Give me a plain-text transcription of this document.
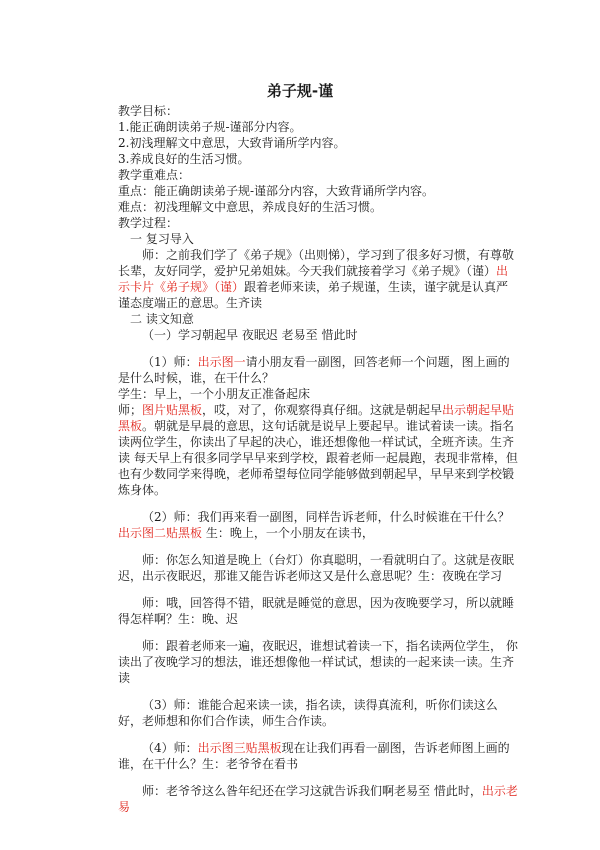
弟子规-谨

教学目标：

1.能正确朗读弟子规-谨部分内容。

2.初浅理解文中意思，大致背诵所学内容。

3.养成良好的生活习惯。

教学重难点：

重点：能正确朗读弟子规-谨部分内容，大致背诵所学内容。

难点：初浅理解文中意思，养成良好的生活习惯。

教学过程：

一 复习导入

师：之前我们学了《弟子规》（出则悌），学习到了很多好习惯，有尊敬长辈，友好同学，爱护兄弟姐妹。今天我们就接着学习《弟子规》（谨）出示卡片《弟子规》（谨）跟着老师来读，弟子规谨，生读，谨字就是认真严谨态度端正的意思。生齐读

二 读文知意

（一）学习朝起早 夜眠迟 老易至 惜此时

（1）师：出示图一请小朋友看一副图，回答老师一个问题，图上画的是什么时候，谁，在干什么？

学生：早上，一个小朋友正准备起床

师；图片贴黑板，哎，对了，你观察得真仔细。这就是朝起早出示朝起早贴黑板。朝就是早晨的意思，这句话就是说早上要起早。谁试着读一读。指名读两位学生，你读出了早起的决心，谁还想像他一样试试，全班齐读。生齐读 每天早上有很多同学早早来到学校，跟着老师一起晨跑，表现非常棒，但也有少数同学来得晚，老师希望每位同学能够做到朝起早，早早来到学校锻炼身体。

（2）师：我们再来看一副图，同样告诉老师，什么时候谁在干什么？出示图二贴黑板 生：晚上，一个小朋友在读书，

师：你怎么知道是晚上（台灯）你真聪明，一看就明白了。这就是夜眠迟，出示夜眠迟，那谁又能告诉老师这又是什么意思呢？生：夜晚在学习

师：哦，回答得不错，眠就是睡觉的意思，因为夜晚要学习，所以就睡得怎样啊？生：晚、迟

师：跟着老师来一遍，夜眠迟，谁想试着读一下，指名读两位学生， 你读出了夜晚学习的想法，谁还想像他一样试试，想读的一起来读一读。生齐读

（3）师：谁能合起来读一读，指名读，读得真流利，听你们读这么好，老师想和你们合作读，师生合作读。

（4）师：出示图三贴黑板现在让我们再看一副图，告诉老师图上画的谁，在干什么？生：老爷爷在看书

师：老爷爷这么昝年纪还在学习这就告诉我们啊老易至 惜此时，出示老易
